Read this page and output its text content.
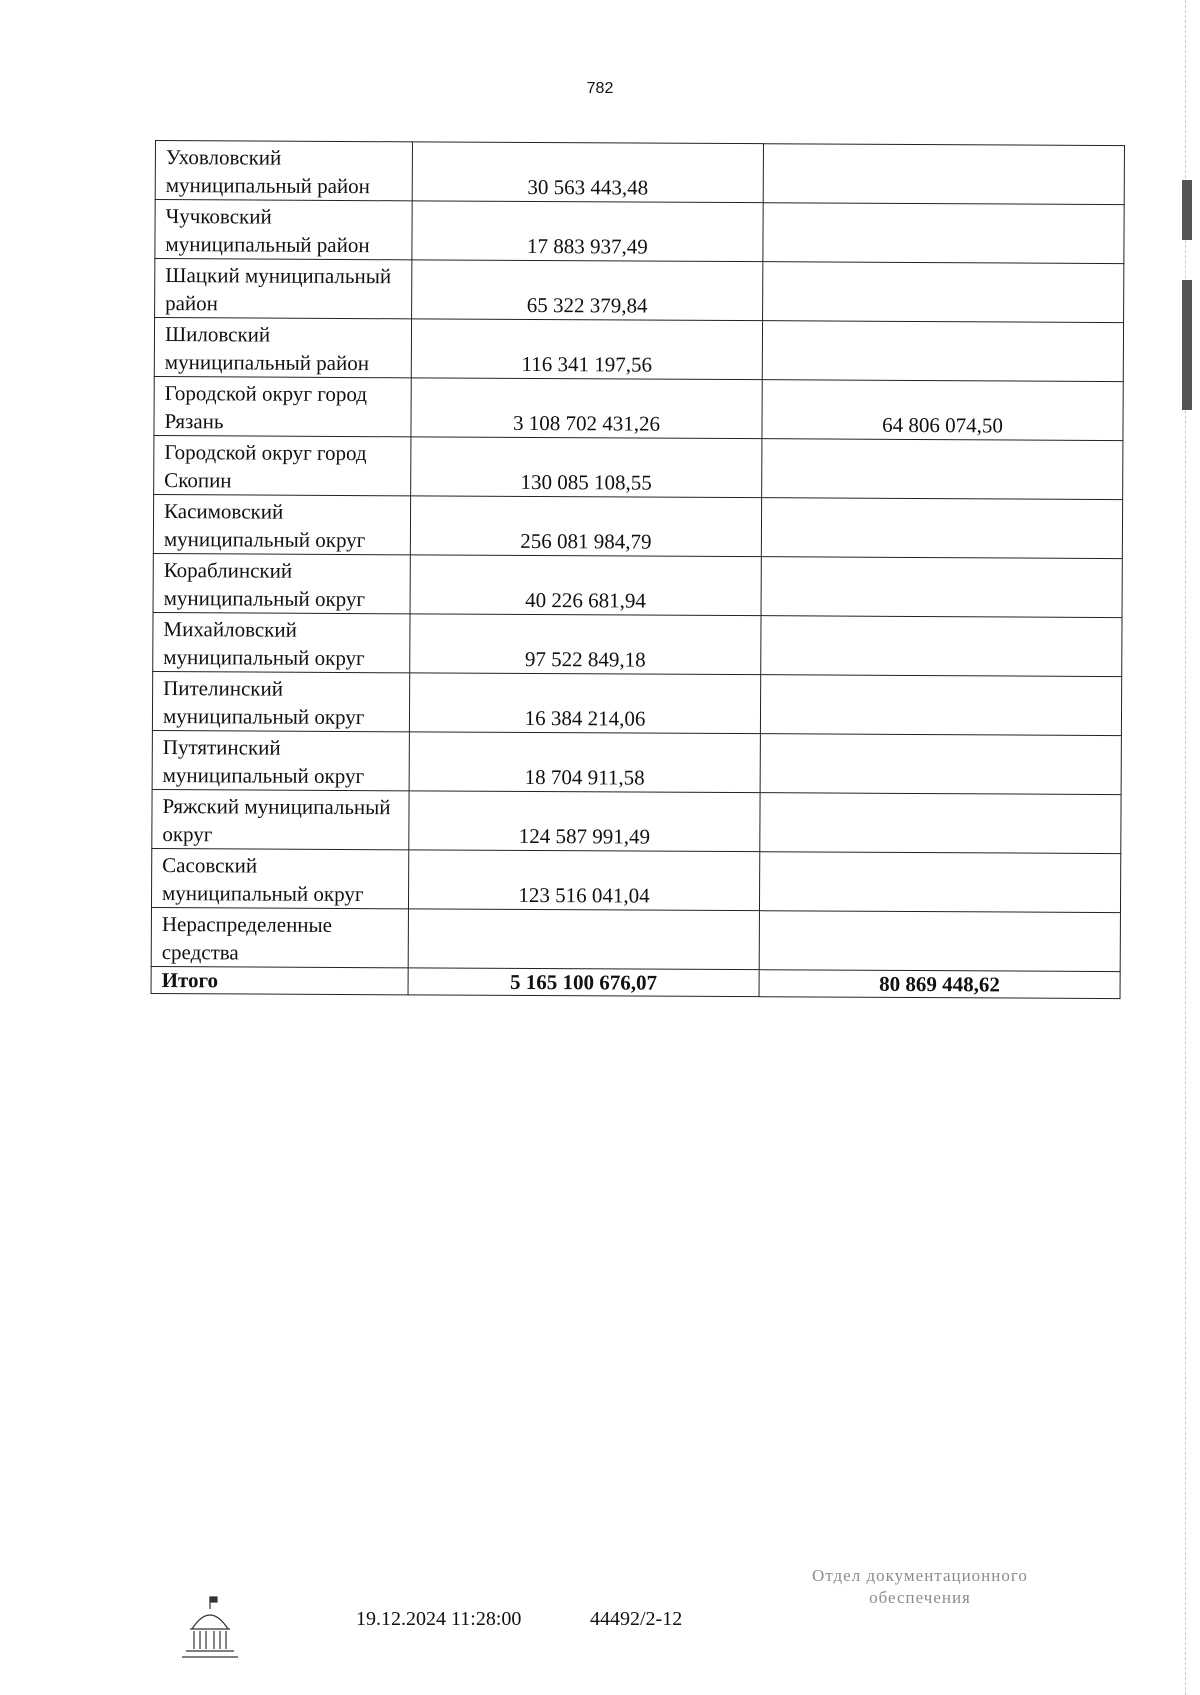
782
Уховловский муниципальный район	30 563 443,48	
Чучковский муниципальный район	17 883 937,49	
Шацкий муниципальный район	65 322 379,84	
Шиловский муниципальный район	116 341 197,56	
Городской округ город Рязань	3 108 702 431,26	64 806 074,50
Городской округ город Скопин	130 085 108,55	
Касимовский муниципальный округ	256 081 984,79	
Кораблинский муниципальный округ	40 226 681,94	
Михайловский муниципальный округ	97 522 849,18	
Пителинский муниципальный округ	16 384 214,06	
Путятинский муниципальный округ	18 704 911,58	
Ряжский муниципальный округ	124 587 991,49	
Сасовский муниципальный округ	123 516 041,04	
Нераспределенные средства		
Итого	5 165 100 676,07	80 869 448,62
19.12.2024 11:28:00	44492/2-12
Отдел документационного
обеспечения
